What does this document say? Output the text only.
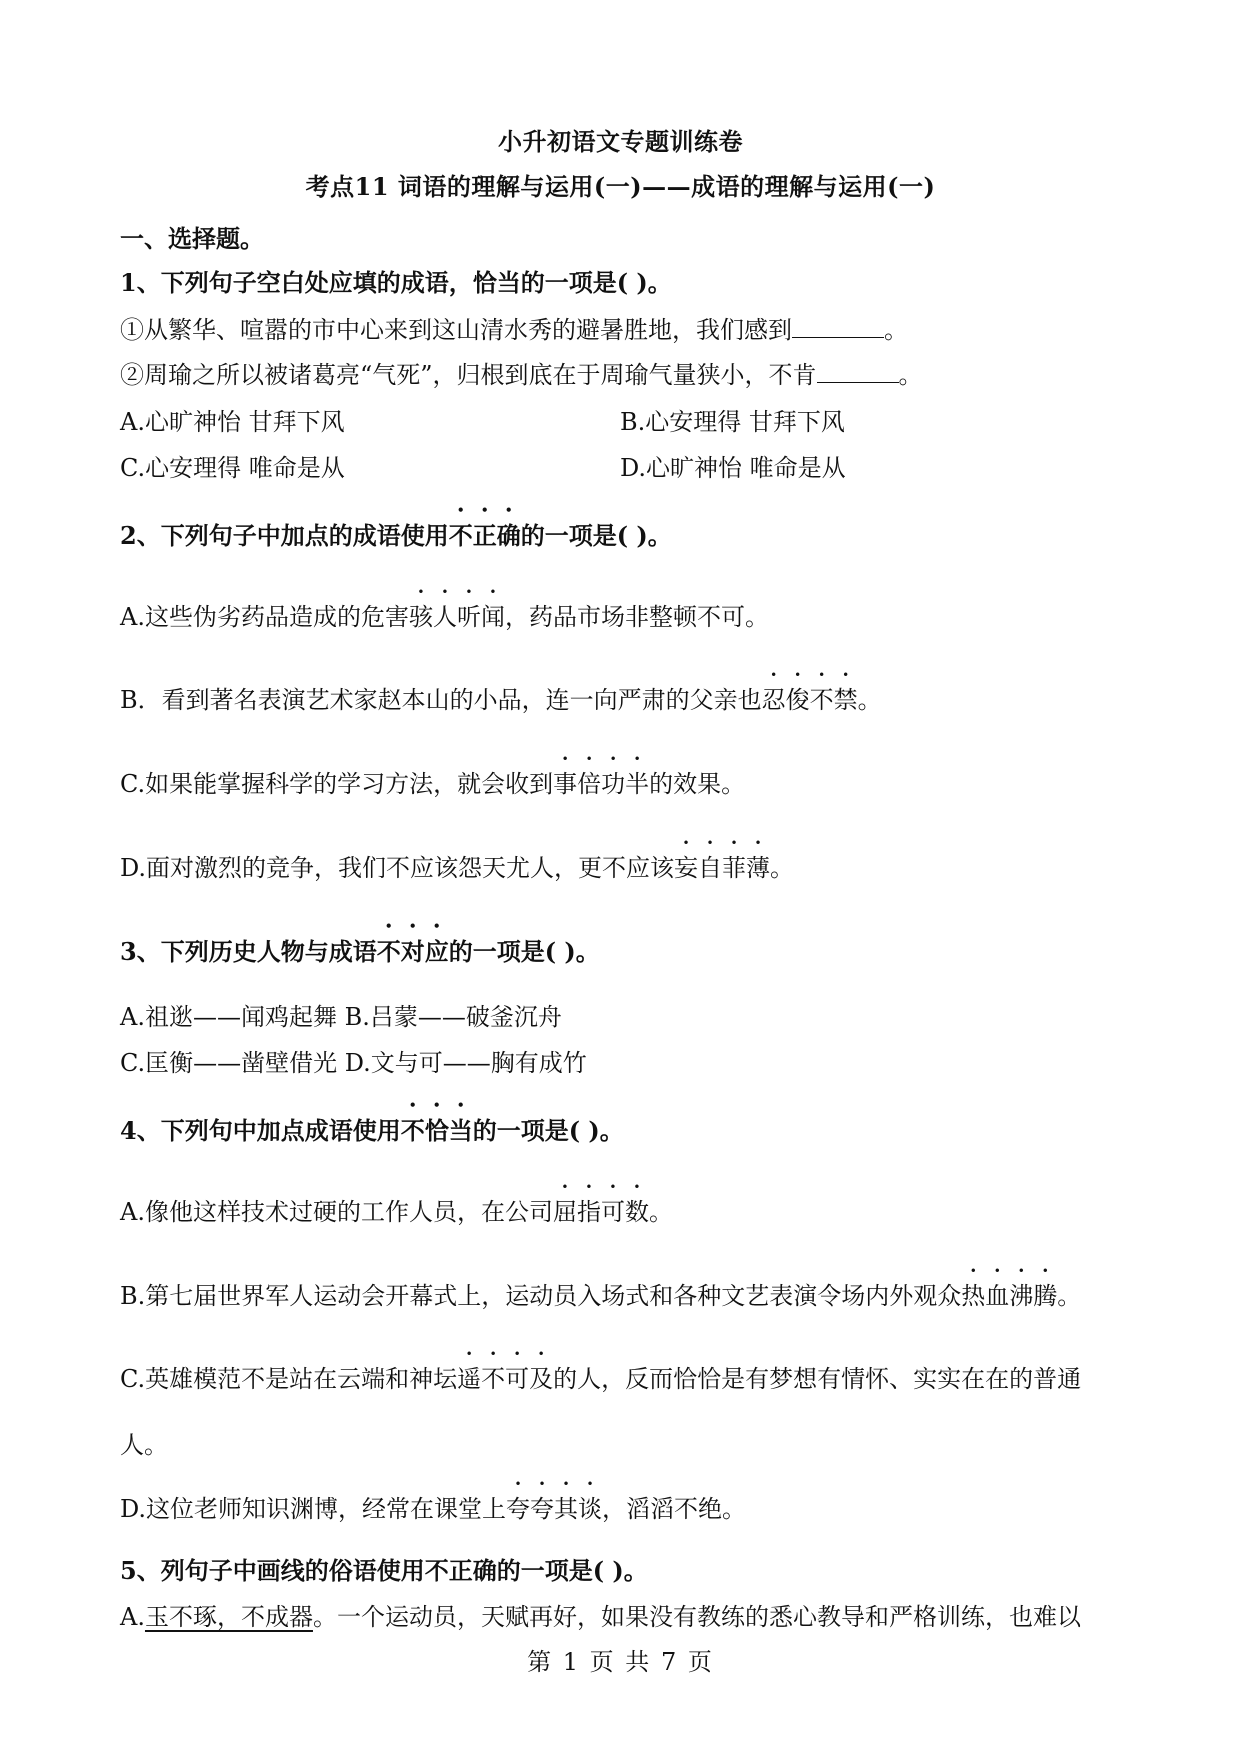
小升初语文专题训练卷
考点11 词语的理解与运用(一)——成语的理解与运用(一)
一、选择题。
1、下列句子空白处应填的成语，恰当的一项是( )。
①从繁华、喧嚣的市中心来到这山清水秀的避暑胜地，我们感到	。
②周瑜之所以被诸葛亮“气死”，归根到底在于周瑜气量狭小，不肯	。
A.心旷神怡 甘拜下风	B.心安理得 甘拜下风
C.心安理得 唯命是从	D.心旷神怡 唯命是从
2、下列句子中加点的成语使用不正确的一项是( )。
A.这些伪劣药品造成的危害骇人听闻，药品市场非整顿不可。
B．看到著名表演艺术家赵本山的小品，连一向严肃的父亲也忍俊不禁。
C.如果能掌握科学的学习方法，就会收到事倍功半的效果。
D.面对激烈的竞争，我们不应该怨天尤人，更不应该妄自菲薄。
3、下列历史人物与成语不对应的一项是( )。
A.祖逖——闻鸡起舞 B.吕蒙——破釜沉舟
C.匡衡——凿壁借光 D.文与可——胸有成竹
4、下列句中加点成语使用不恰当的一项是( )。
A.像他这样技术过硬的工作人员，在公司屈指可数。
B.第七届世界军人运动会开幕式上，运动员入场式和各种文艺表演令场内外观众热血沸腾。
C.英雄模范不是站在云端和神坛遥不可及的人，反而恰恰是有梦想有情怀、实实在在的普通
人。
D.这位老师知识渊博，经常在课堂上夸夸其谈，滔滔不绝。
5、列句子中画线的俗语使用不正确的一项是( )。
A.玉不琢，不成器。一个运动员，天赋再好，如果没有教练的悉心教导和严格训练，也难以
第 1 页 共 7 页
